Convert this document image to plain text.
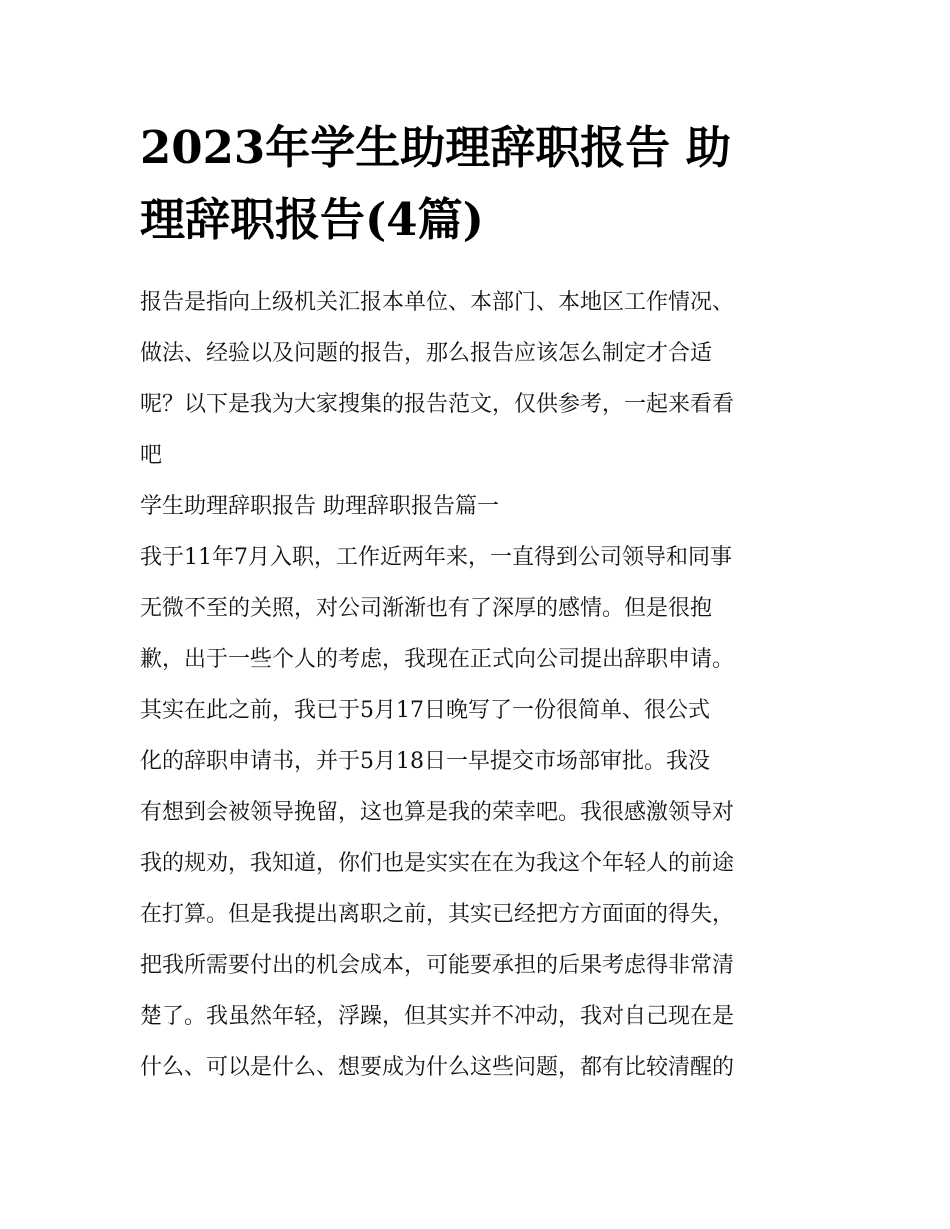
2023年学生助理辞职报告 助
理辞职报告(4篇)
报告是指向上级机关汇报本单位、本部门、本地区工作情况、
做法、经验以及问题的报告，那么报告应该怎么制定才合适
呢？以下是我为大家搜集的报告范文，仅供参考，一起来看看
吧
学生助理辞职报告 助理辞职报告篇一
我于11年7月入职，工作近两年来，一直得到公司领导和同事
无微不至的关照，对公司渐渐也有了深厚的感情。但是很抱
歉，出于一些个人的考虑，我现在正式向公司提出辞职申请。
其实在此之前，我已于5月17日晚写了一份很简单、很公式
化的辞职申请书，并于5月18日一早提交市场部审批。我没
有想到会被领导挽留，这也算是我的荣幸吧。我很感激领导对
我的规劝，我知道，你们也是实实在在为我这个年轻人的前途
在打算。但是我提出离职之前，其实已经把方方面面的得失，
把我所需要付出的机会成本，可能要承担的后果考虑得非常清
楚了。我虽然年轻，浮躁，但其实并不冲动，我对自己现在是
什么、可以是什么、想要成为什么这些问题，都有比较清醒的
